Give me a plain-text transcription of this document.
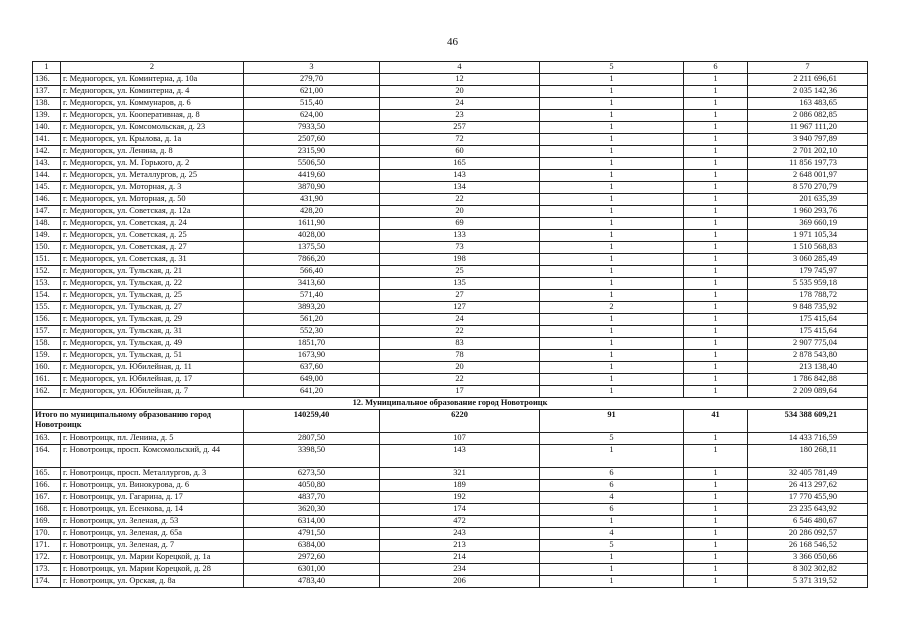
46
1	2	3	4	5	6	7
136.	г. Медногорск, ул. Коминтерна, д. 10а	279,70	12	1	1	2 211 696,61
137.	г. Медногорск, ул. Коминтерна, д. 4	621,00	20	1	1	2 035 142,36
138.	г. Медногорск, ул. Коммунаров, д. 6	515,40	24	1	1	163 483,65
139.	г. Медногорск, ул. Кооперативная, д. 8	624,00	23	1	1	2 086 082,85
140.	г. Медногорск, ул. Комсомольская, д. 23	7933,50	257	1	1	11 967 111,20
141.	г. Медногорск, ул. Крылова, д. 1а	2507,60	72	1	1	3 940 797,89
142.	г. Медногорск, ул. Ленина, д. 8	2315,90	60	1	1	2 701 202,10
143.	г. Медногорск, ул. М. Горького, д. 2	5506,50	165	1	1	11 856 197,73
144.	г. Медногорск, ул. Металлургов, д. 25	4419,60	143	1	1	2 648 001,97
145.	г. Медногорск, ул. Моторная, д. 3	3870,90	134	1	1	8 570 270,79
146.	г. Медногорск, ул. Моторная, д. 50	431,90	22	1	1	201 635,39
147.	г. Медногорск, ул. Советская, д. 12а	428,20	20	1	1	1 960 293,76
148.	г. Медногорск, ул. Советская, д. 24	1611,90	69	1	1	369 660,19
149.	г. Медногорск, ул. Советская, д. 25	4028,00	133	1	1	1 971 105,34
150.	г. Медногорск, ул. Советская, д. 27	1375,50	73	1	1	1 510 568,83
151.	г. Медногорск, ул. Советская, д. 31	7866,20	198	1	1	3 060 285,49
152.	г. Медногорск, ул. Тульская, д. 21	566,40	25	1	1	179 745,97
153.	г. Медногорск, ул. Тульская, д. 22	3413,60	135	1	1	5 535 959,18
154.	г. Медногорск, ул. Тульская, д. 25	571,40	27	1	1	178 788,72
155.	г. Медногорск, ул. Тульская, д. 27	3893,20	127	2	1	9 848 735,92
156.	г. Медногорск, ул. Тульская, д. 29	561,20	24	1	1	175 415,64
157.	г. Медногорск, ул. Тульская, д. 31	552,30	22	1	1	175 415,64
158.	г. Медногорск, ул. Тульская, д. 49	1851,70	83	1	1	2 907 775,04
159.	г. Медногорск, ул. Тульская, д. 51	1673,90	78	1	1	2 878 543,80
160.	г. Медногорск, ул. Юбилейная, д. 11	637,60	20	1	1	213 138,40
161.	г. Медногорск, ул. Юбилейная, д. 17	649,00	22	1	1	1 786 842,88
162.	г. Медногорск, ул. Юбилейная, д. 7	641,20	17	1	1	2 209 089,64
12. Муниципальное образование город Новотроицк						
Итого по муниципальному образованию город Новотроицк		140259,40	6220	91	41	534 388 609,21
163.	г. Новотроицк, пл. Ленина, д. 5	2807,50	107	5	1	14 433 716,59
164.	г. Новотроицк, просп. Комсомольский, д. 44	3398,50	143	1	1	180 268,11
165.	г. Новотроицк, просп. Металлургов, д. 3	6273,50	321	6	1	32 405 781,49
166.	г. Новотроицк, ул. Винокурова, д. 6	4050,80	189	6	1	26 413 297,62
167.	г. Новотроицк, ул. Гагарина, д. 17	4837,70	192	4	1	17 770 455,90
168.	г. Новотроицк, ул. Есенкова, д. 14	3620,30	174	6	1	23 235 643,92
169.	г. Новотроицк, ул. Зеленая, д. 53	6314,00	472	1	1	6 546 480,67
170.	г. Новотроицк, ул. Зеленая, д. 65а	4791,50	243	4	1	20 286 092,57
171.	г. Новотроицк, ул. Зеленая, д. 7	6384,00	213	5	1	26 168 546,52
172.	г. Новотроицк, ул. Марии Корецкой, д. 1а	2972,60	214	1	1	3 366 050,66
173.	г. Новотроицк, ул. Марии Корецкой, д. 28	6301,00	234	1	1	8 302 302,82
174.	г. Новотроицк, ул. Орская, д. 8а	4783,40	206	1	1	5 371 319,52
